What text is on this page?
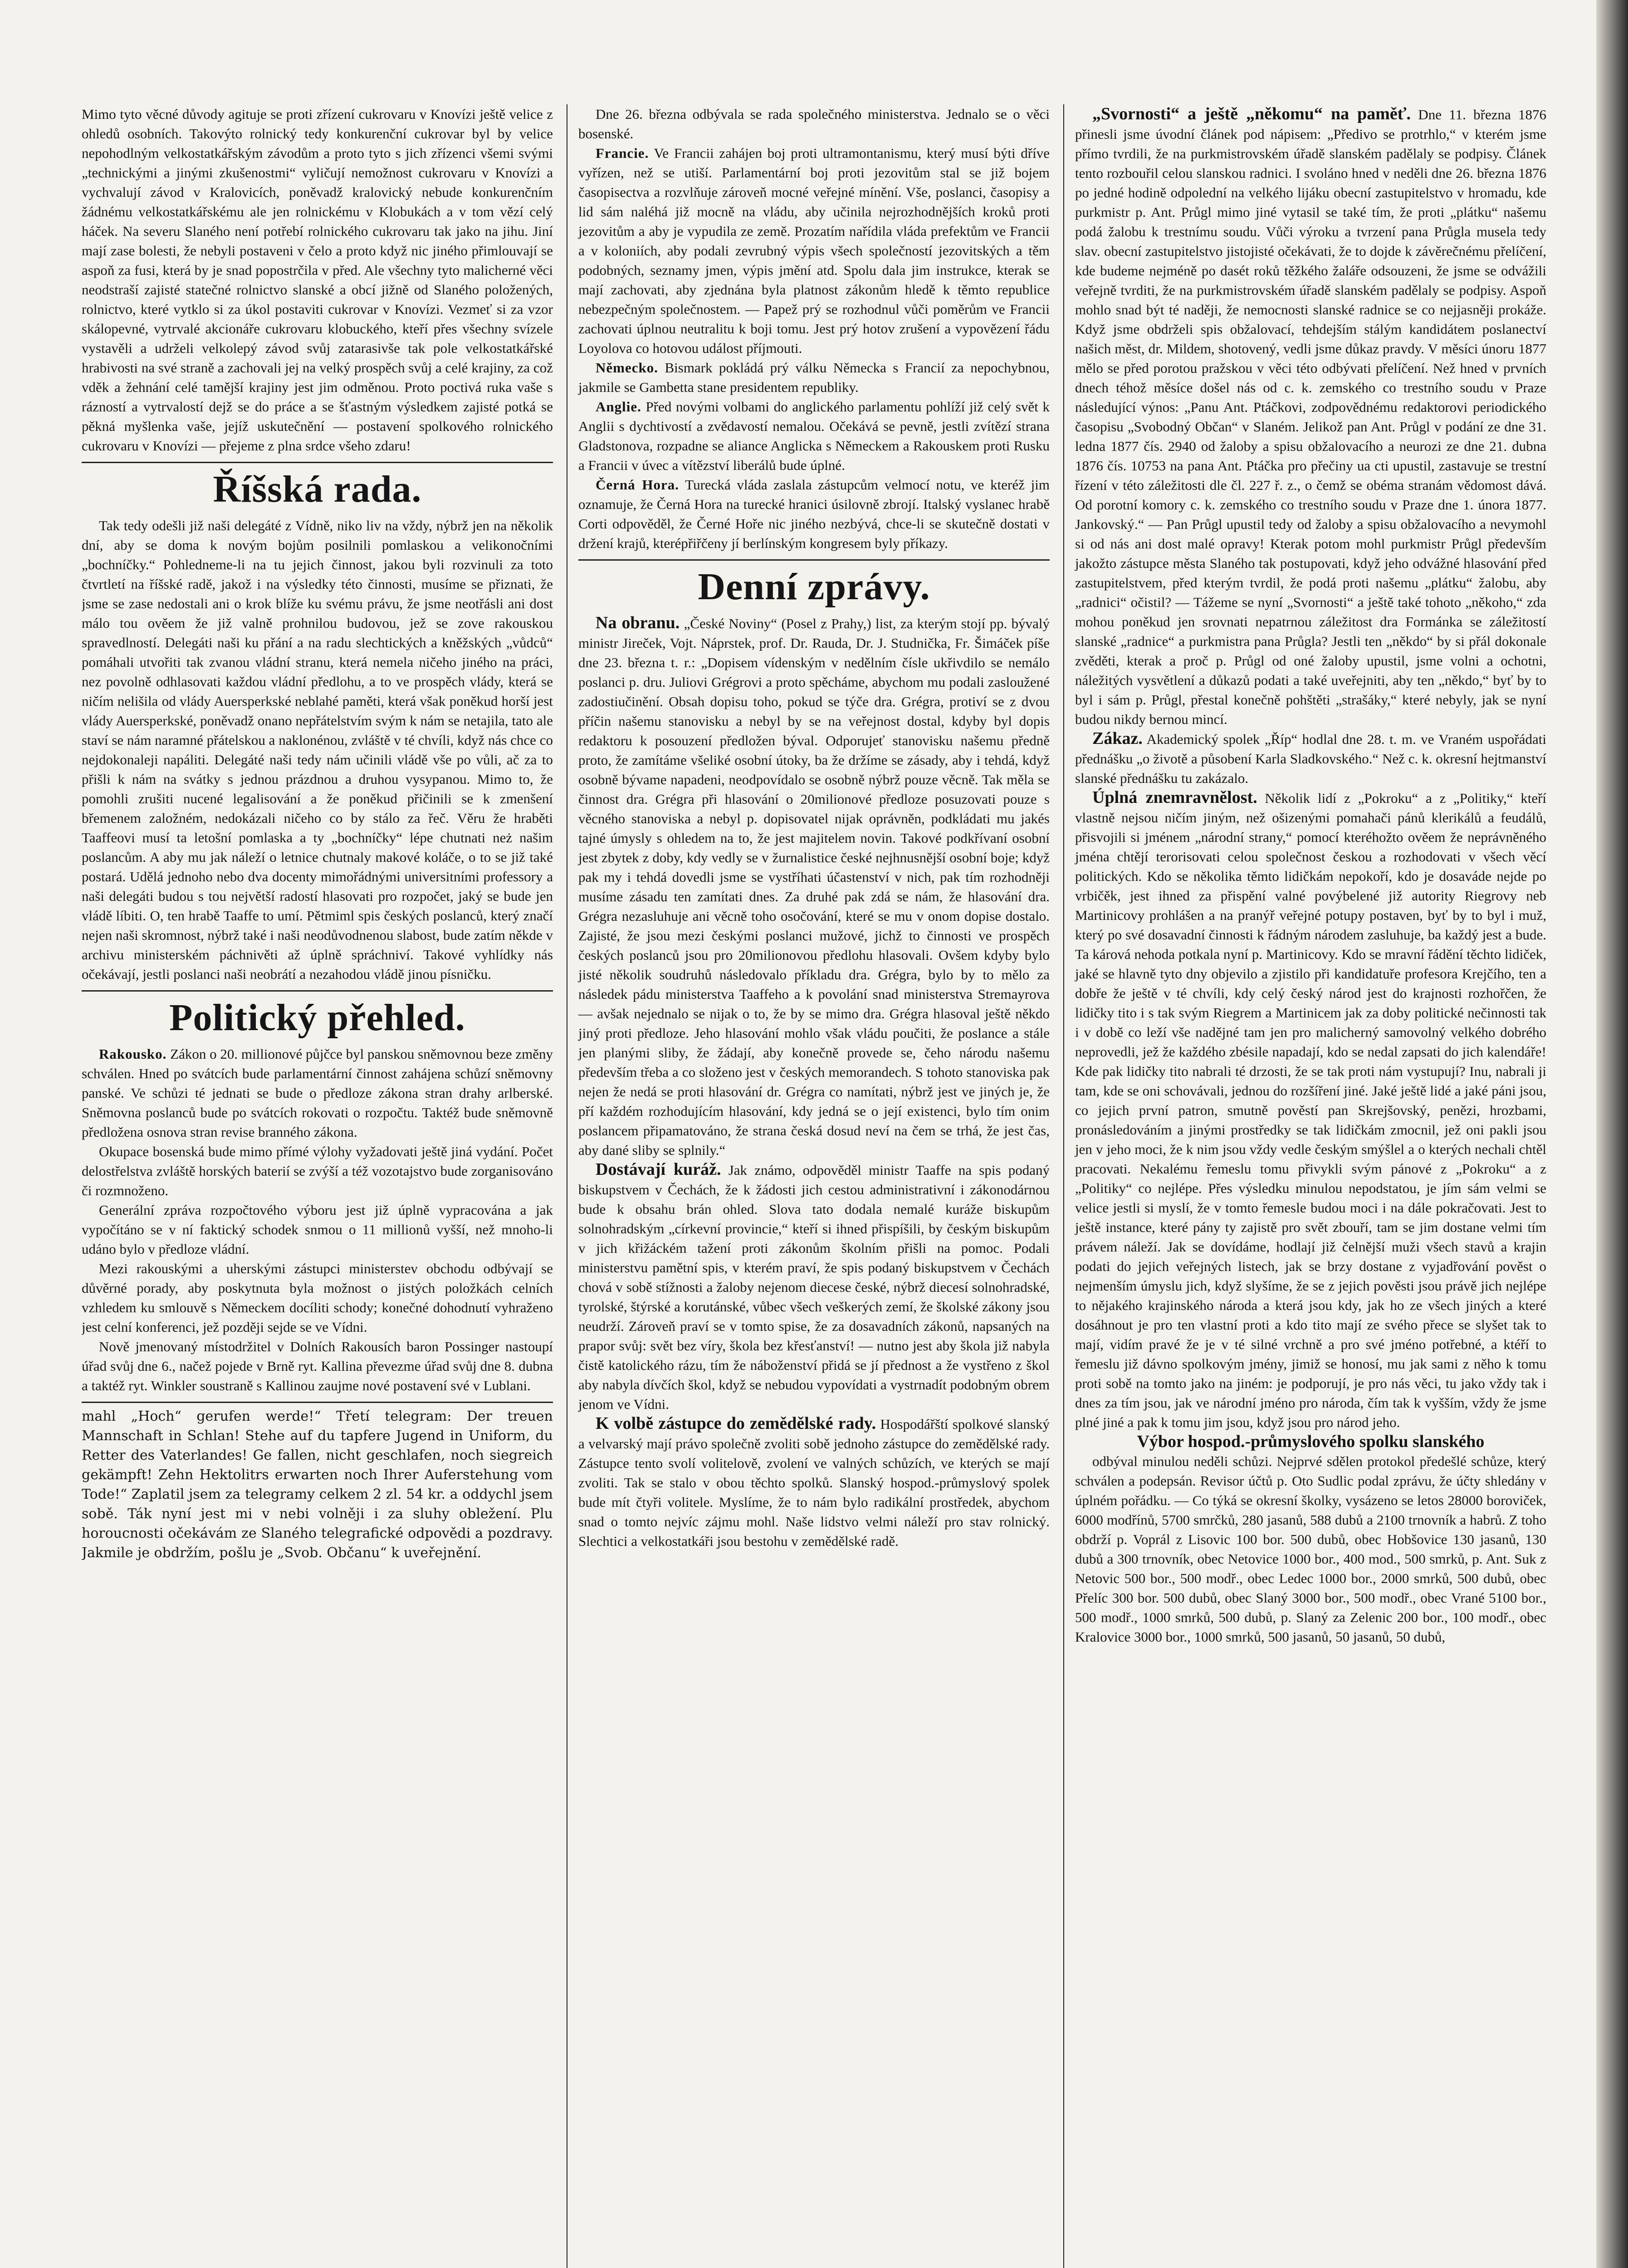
Mimo tyto věcné důvody agituje se proti zřízení cukrovaru v Knovízi ještě velice z ohledů osobních. Takovýto rolnický tedy konkurenční cukrovar byl by velice nepohodlným velkostatkářským závodům a proto tyto s jich zřízenci všemi svými „technickými a jinými zkušenostmi“ vyličují nemožnost cukrovaru v Knovízi a vychvalují závod v Kralovicích, poněvadž kralovický nebude konkurenčním žádnému velkostatkářskému ale jen rolnickému v Klobukách a v tom vězí celý háček. Na severu Slaného není potřebí rolnického cukrovaru tak jako na jihu. Jiní mají zase bolesti, že nebyli postaveni v čelo a proto když nic jiného přimlouvají se aspoň za fusi, která by je snad popostrčila v před. Ale všechny tyto malicherné věci neodstraší zajisté statečné rolnictvo slanské a obcí jižně od Slaného položených, rolnictvo, které vytklo si za úkol postaviti cukrovar v Knovízi. Vezmeť si za vzor skálopevné, vytrvalé akcionáře cukrovaru klobuckého, kteří přes všechny svízele vystavěli a udrželi velkolepý závod svůj zatarasivše tak pole velkostatkářské hrabivosti na své straně a zachovali jej na velký prospěch svůj a celé krajiny, za což vděk a žehnání celé tamější krajiny jest jim odměnou. Proto poctivá ruka vaše s rázností a vytrvalostí dejž se do práce a se šťastným výsledkem zajisté potká se pěkná myšlenka vaše, jejíž uskutečnění — postavení spolkového rolnického cukrovaru v Knovízi — přejeme z plna srdce všeho zdaru!

Říšská rada.

Tak tedy odešli již naši delegáté z Vídně, niko liv na vždy, nýbrž jen na několik dní, aby se doma k novým bojům posilnili pomlaskou a velikonočními „bochníčky.“ Pohledneme-li na tu jejich činnost, jakou byli rozvinuli za toto čtvrtletí na říšské radě, jakož i na výsledky této činnosti, musíme se přiznati, že jsme se zase nedostali ani o krok blíže ku svému právu, že jsme neotřásli ani dost málo tou ověem že již valně prohnilou budovou, jež se zove rakouskou spravedlností. Delegáti naši ku přání a na radu slechtických a kněžských „vůdců“ pomáhali utvořiti tak zvanou vládní stranu, která nemela ničeho jiného na práci, nez povolně odhlasovati každou vládní předlohu, a to ve prospěch vlády, která se ničím nelišila od vlády Auersperkské neblahé paměti, která však poněkud horší jest vlády Auersperkské, poněvadž onano nepřátelstvím svým k nám se netajila, tato ale staví se nám naramné přátelskou a naklonénou, zvláště v té chvíli, když nás chce co nejdokonaleji napáliti. Delegáté naši tedy nám učinili vládě vše po vůli, ač za to přišli k nám na svátky s jednou prázdnou a druhou vysypanou. Mimo to, že pomohli zrušiti nucené legalisování a že poněkud přičinili se k zmenšení břemenem založném, nedokázali ničeho co by stálo za řeč. Věru že hraběti Taaffeovi musí ta letošní pomlaska a ty „bochníčky“ lépe chutnati neż našim poslancům. A aby mu jak náleží o letnice chutnaly makové koláče, o to se již také postará. Udělá jednoho nebo dva docenty mimořádnými universitními professory a naši delegáti budou s tou největší radostí hlasovati pro rozpočet, jaký se bude jen vládě líbiti. O, ten hrabě Taaffe to umí. Pětmiml spis českých poslanců, který značí nejen naši skromnost, nýbrž také i naši neodůvodnenou slabost, bude zatím někde v archivu ministerském páchnivěti až úplně spráchniví. Takové vyhlídky nás očekávají, jestli poslanci naši neobrátí a nezahodou vládě jinou písničku.

Politický přehled.

Rakousko. Zákon o 20. millionové půjčce byl panskou sněmovnou beze změny schválen. Hned po svátcích bude parlamentární činnost zahájena schůzí sněmovny panské. Ve schůzi té jednati se bude o předloze zákona stran drahy arlberské. Sněmovna poslanců bude po svátcích rokovati o rozpočtu. Taktéž bude sněmovně předložena osnova stran revise branného zákona.

Okupace bosenská bude mimo přímé výlohy vyžadovati ještě jiná vydání. Počet delostřelstva zvláště horských baterií se zvýší a též vozotajstvo bude zorganisováno či rozmnoženo.

Generální zpráva rozpočtového výboru jest již úplně vypracována a jak vypočítáno se v ní faktický schodek snmou o 11 millionů vyšší, než mnoho-li udáno bylo v předloze vládní.

Mezi rakouskými a uherskými zástupci ministerstev obchodu odbývají se důvěrné porady, aby poskytnuta byla možnost o jistých položkách celních vzhledem ku smlouvě s Německem docíliti schody; konečné dohodnutí vyhraženo jest celní konferenci, jež později sejde se ve Vídni.

Nově jmenovaný místodržitel v Dolních Rakousích baron Possinger nastoupí úřad svůj dne 6., načež pojede v Brně ryt. Kallina převezme úřad svůj dne 8. dubna a taktéž ryt. Winkler soustraně s Kallinou zaujme nové postavení své v Lublani.

mahl „Hoch“ gerufen werde!“ Třetí telegram: Der treuen Mannschaft in Schlan! Stehe auf du tapfere Jugend in Uniform, du Retter des Vaterlandes! Ge fallen, nicht geschlafen, noch siegreich gekämpft! Zehn Hektolitrs erwarten noch Ihrer Auferstehung vom Tode!“ Zaplatil jsem za telegramy celkem 2 zl. 54 kr. a oddychl jsem sobě. Ták nyní jest mi v nebi volněji i za sluhy obležení. Plu horoucnosti očekávám ze Slaného telegrafické odpovědi a pozdravy. Jakmile je obdržím, pošlu je „Svob. Občanu“ k uveřejnění.

Dne 26. března odbývala se rada společného ministerstva. Jednalo se o věci bosenské.

Francie. Ve Francii zahájen boj proti ultramontanismu, který musí býti dříve vyřízen, než se utiší. Parlamentární boj proti jezovitům stal se již bojem časopisectva a rozvlňuje zároveň mocné veřejné mínění. Vše, poslanci, časopisy a lid sám naléhá již mocně na vládu, aby učinila nejrozhodnějších kroků proti jezovitům a aby je vypudila ze země. Prozatím nařídila vláda prefektům ve Francii a v koloniích, aby podali zevrubný výpis všech společností jezovitských a těm podobných, seznamy jmen, výpis jmění atd. Spolu dala jim instrukce, kterak se mají zachovati, aby zjednána byla platnost zákonům hledě k těmto republice nebezpečným společnostem. — Papež prý se rozhodnul vůči poměrům ve Francii zachovati úplnou neutralitu k boji tomu. Jest prý hotov zrušení a vypovězení řádu Loyolova co hotovou událost příjmouti.

Německo. Bismark pokládá prý válku Německa s Francií za nepochybnou, jakmile se Gambetta stane presidentem republiky.

Anglie. Před novými volbami do anglického parlamentu pohlíží již celý svět k Anglii s dychtivostí a zvědavostí nemalou. Očekává se pevně, jestli zvítězí strana Gladstonova, rozpadne se aliance Anglicka s Německem a Rakouskem proti Rusku a Francii v úvec a vítězství liberálů bude úplné.

Černá Hora. Turecká vláda zaslala zástupcům velmocí notu, ve kteréž jim oznamuje, že Černá Hora na turecké hranici úsilovně zbrojí. Italský vyslanec hrabě Corti odpověděl, že Černé Hoře nic jiného nezbývá, chce-li se skutečně dostati v držení krajů, kterépřiřčeny jí berlínským kongresem byly příkazy.

Denní zprávy.

Na obranu. „České Noviny“ (Posel z Prahy,) list, za kterým stojí pp. bývalý ministr Jireček, Vojt. Náprstek, prof. Dr. Rauda, Dr. J. Studnička, Fr. Šimáček píše dne 23. března t. r.: „Dopisem vídenským v nedělním čísle ukřivdilo se nemálo poslanci p. dru. Juliovi Grégrovi a proto spěcháme, abychom mu podali zasloužené zadostiučinění. Obsah dopisu toho, pokud se týče dra. Grégra, protiví se z dvou příčin našemu stanovisku a nebyl by se na veřejnost dostal, kdyby byl dopis redaktoru k posouzení předložen býval. Odporujeť stanovisku našemu předně proto, že zamítáme všeliké osobní útoky, ba že držíme se zásady, aby i tehdá, když osobně bývame napadeni, neodpovídalo se osobně nýbrž pouze věcně. Tak měla se činnost dra. Grégra při hlasování o 20milionové předloze posuzovati pouze s věcného stanoviska a nebyl p. dopisovatel nijak oprávněn, podkládati mu jakés tajné úmysly s ohledem na to, že jest majitelem novin. Takové podkřívaní osobní jest zbytek z doby, kdy vedly se v žurnalistice české nejhnusnější osobní boje; když pak my i tehdá dovedli jsme se vystříhati účastenství v nich, pak tím rozhodněji musíme zásadu ten zamítati dnes. Za druhé pak zdá se nám, že hlasování dra. Grégra nezasluhuje ani věcně toho osočování, které se mu v onom dopise dostalo. Zajisté, že jsou mezi českými poslanci mužové, jichž to činnosti ve prospěch českých poslanců jsou pro 20milionovou předlohu hlasovali. Ovšem kdyby bylo jisté několik soudruhů následovalo příkladu dra. Grégra, bylo by to mělo za následek pádu ministerstva Taaffeho a k povolání snad ministerstva Stremayrova — avšak nejednalo se nijak o to, že by se mimo dra. Grégra hlasoval ještě někdo jiný proti předloze. Jeho hlasování mohlo však vládu poučiti, že poslance a stále jen planými sliby, že žádají, aby konečně provede se, čeho národu našemu především třeba a co složeno jest v českých memorandech. S tohoto stanoviska pak nejen že nedá se proti hlasování dr. Grégra co namítati, nýbrž jest ve jiných je, že pří každém rozhodujícím hlasování, kdy jedná se o její existenci, bylo tím onim poslancem připamatováno, že strana česká dosud neví na čem se trhá, že jest čas, aby dané sliby se splnily.“

Dostávají kuráž. Jak známo, odpověděl ministr Taaffe na spis podaný biskupstvem v Čechách, že k žádosti jich cestou administrativní i zákonodárnou bude k obsahu brán ohled. Slova tato dodala nemalé kuráže biskupům solnohradským „církevní provincie,“ kteří si ihned přispíšili, by českým biskupům v jich křižáckém tažení proti zákonům školním přišli na pomoc. Podali ministerstvu pamětní spis, v kterém praví, že spis podaný biskupstvem v Čechách chová v sobě stížnosti a žaloby nejenom diecese české, nýbrž diecesí solnohradské, tyrolské, štýrské a korutánské, vůbec všech veškerých zemí, že školské zákony jsou neudrží. Zároveň praví se v tomto spise, že za dosavadních zákonů, napsaných na prapor svůj: svět bez víry, škola bez křesťanství! — nutno jest aby škola již nabyla čistě katolického rázu, tím že náboženství přidá se jí přednost a že vystřeno z škol aby nabyla dívčích škol, když se nebudou vypovídati a vystrnadít podobným obrem jenom ve Vídni.

K volbě zástupce do zemědělské rady. Hospodářští spolkové slanský a velvarský mají právo společně zvoliti sobě jednoho zástupce do zemědělské rady. Zástupce tento svolí volitelově, zvolení ve valných schůzích, ve kterých se mají zvoliti. Tak se stalo v obou těchto spolků. Slanský hospod.-průmyslový spolek bude mít čtyři volitele. Myslíme, že to nám bylo radikální prostředek, abychom snad o tomto nejvíc zájmu mohl. Naše lidstvo velmi náleží pro stav rolnický. Slechtici a velkostatkáři jsou bestohu v zemědělské radě.

„Svornosti“ a ještě „někomu“ na paměť. Dne 11. března 1876 přinesli jsme úvodní článek pod nápisem: „Předivo se protrhlo,“ v kterém jsme přímo tvrdili, že na purkmistrovském úřadě slanském padělaly se podpisy. Článek tento rozbouřil celou slanskou radnici. I svoláno hned v neděli dne 26. března 1876 po jedné hodině odpolední na velkého lijáku obecní zastupitelstvo v hromadu, kde purkmistr p. Ant. Průgl mimo jiné vytasil se také tím, že proti „plátku“ našemu podá žalobu k trestnímu soudu. Vůči výroku a tvrzení pana Průgla musela tedy slav. obecní zastupitelstvo jistojisté očekávati, že to dojde k závěrečnému přelíčení, kde budeme nejméně po dasét roků těžkého žaláře odsouzeni, že jsme se odvážili veřejně tvrditi, že na purkmistrovském úřadě slanském padělaly se podpisy. Aspoň mohlo snad být té naději, že nemocnosti slanské radnice se co nejjasněji prokáže. Když jsme obdrželi spis obžalovací, tehdejším stálým kandidátem poslanectví našich měst, dr. Mildem, shotovený, vedli jsme důkaz pravdy. V měsíci únoru 1877 mělo se před porotou pražskou v věci této odbývati přelíčení. Než hned v prvních dnech téhož měsíce došel nás od c. k. zemského co trestního soudu v Praze následující výnos: „Panu Ant. Ptáčkovi, zodpovědnému redaktorovi periodického časopisu „Svobodný Občan“ v Slaném. Jelikož pan Ant. Průgl v podání ze dne 31. ledna 1877 čís. 2940 od žaloby a spisu obžalovacího a neurozi ze dne 21. dubna 1876 čís. 10753 na pana Ant. Ptáčka pro přečiny ua cti upustil, zastavuje se trestní řízení v této záležitosti dle čl. 227 ř. z., o čemž se obéma stranám vědomost dává. Od porotní komory c. k. zemského co trestního soudu v Praze dne 1. února 1877. Jankovský.“ — Pan Průgl upustil tedy od žaloby a spisu obžalovacího a nevymohl si od nás ani dost malé opravy! Kterak potom mohl purkmistr Průgl především jakožto zástupce města Slaného tak postupovati, když jeho odvážné hlasování před zastupitelstvem, před kterým tvrdil, že podá proti našemu „plátku“ žalobu, aby „radnici“ očistil? — Tážeme se nyní „Svornosti“ a ještě také tohoto „někoho,“ zda mohou poněkud jen srovnati nepatrnou záležitost dra Formánka se záležitostí slanské „radnice“ a purkmistra pana Průgla? Jestli ten „někdo“ by si přál dokonale zvěděti, kterak a proč p. Průgl od oné žaloby upustil, jsme volni a ochotni, náležitých vysvětlení a důkazů podati a také uveřejniti, aby ten „někdo,“ byť by to byl i sám p. Průgl, přestal konečně pohštěti „strašáky,“ které nebyly, jak se nyní budou nikdy bernou mincí.

Zákaz. Akademický spolek „Říp“ hodlal dne 28. t. m. ve Vraném uspořádati přednášku „o životě a působení Karla Sladkovského.“ Než c. k. okresní hejtmanství slanské přednášku tu zakázalo.

Úplná znemravnělost. Několik lidí z „Pokroku“ a z „Politiky,“ kteří vlastně nejsou ničím jiným, než ošizenými pomahači pánů klerikálů a feudálů, přisvojili si jménem „národní strany,“ pomocí kteréhožto ověem že neprávněného jména chtějí terorisovati celou společnost českou a rozhodovati v všech věcí politických. Kdo se několika těmto lidičkám nepokoří, kdo je dosaváde nejde po vrbičěk, jest ihned za přispění valné povýbelené již autority Riegrovy neb Martinicovy prohlášen a na pranýř veřejné potupy postaven, byť by to byl i muž, který po své dosavadní činnosti k řádným národem zasluhuje, ba každý jest a bude. Ta kárová nehoda potkala nyní p. Martinicovy. Kdo se mravní řádění těchto lidiček, jaké se hlavně tyto dny objevilo a zjistilo při kandidatuře profesora Krejčího, ten a dobře že ještě v té chvíli, kdy celý český národ jest do krajnosti rozhořčen, že lidičky tito i s tak svým Riegrem a Martinicem jak za doby politické nečinnosti tak i v době co leží vše nadějné tam jen pro malicherný samovolný velkého dobrého neprovedli, jež že každého zbésile napadají, kdo se nedal zapsati do jich kalendáře! Kde pak lidičky tito nabrali té drzosti, že se tak proti nám vystupují? Inu, nabrali ji tam, kde se oni schovávali, jednou do rozšíření jiné. Jaké ještě lidé a jaké páni jsou, co jejich první patron, smutně pověstí pan Skrejšovský, penězi, hrozbami, pronásledováním a jinými prostředky se tak lidičkám zmocnil, jež oni pakli jsou jen v jeho moci, že k nim jsou vždy vedle českým smýšlel a o kterých nechali chtěl pracovati. Nekalému řemeslu tomu přivykli svým pánové z „Pokroku“ a z „Politiky“ co nejlépe. Přes výsledku minulou nepodstatou, je jím sám velmi se velice jestli si myslí, že v tomto řemesle budou moci i na dále pokračovati. Jest to ještě instance, které pány ty zajistě pro svět zbouří, tam se jim dostane velmi tím právem náleží. Jak se dovídáme, hodlají již čelnější muži všech stavů a krajin podati do jejich veřejných listech, jak se brzy dostane z vyjadřování pověst o nejmenším úmyslu jich, když slyšíme, že se z jejich pověsti jsou právě jich nejlépe to nějakého krajinského národa a která jsou kdy, jak ho ze všech jiných a které dosáhnout je pro ten vlastní proti a kdo tito mají ze svého přece se slyšet tak to mají, vidím pravé že je v té silné vrchně a pro své jméno potřebné, a ktéří to řemeslu již dávno spolkovým jmény, jimiž se honosí, mu jak sami z něho k tomu proti sobě na tomto jako na jiném: je podporují, je pro nás věci, tu jako vždy tak i dnes za tím jsou, jak ve národní jméno pro národa, čím tak k vyšším, vždy že jsme plné jiné a pak k tomu jim jsou, když jsou pro národ jeho.

Výbor hospod.-průmyslového spolku slanského

odbýval minulou neděli schůzi. Nejprvé sdělen protokol předešlé schůze, který schválen a podepsán. Revisor účtů p. Oto Sudlic podal zprávu, že účty shledány v úplném pořádku. — Co týká se okresní školky, vysázeno se letos 28000 boroviček, 6000 modřínů, 5700 smrčků, 280 jasanů, 588 dubů a 2100 trnovník a habrů. Z toho obdrží p. Voprál z Lisovic 100 bor. 500 dubů, obec Hobšovice 130 jasanů, 130 dubů a 300 trnovník, obec Netovice 1000 bor., 400 mod., 500 smrků, p. Ant. Suk z Netovic 500 bor., 500 modř., obec Ledec 1000 bor., 2000 smrků, 500 dubů, obec Přelíc 300 bor. 500 dubů, obec Slaný 3000 bor., 500 modř., obec Vrané 5100 bor., 500 modř., 1000 smrků, 500 dubů, p. Slaný za Zelenic 200 bor., 100 modř., obec Kralovice 3000 bor., 1000 smrků, 500 jasanů, 50 jasanů, 50 dubů,
